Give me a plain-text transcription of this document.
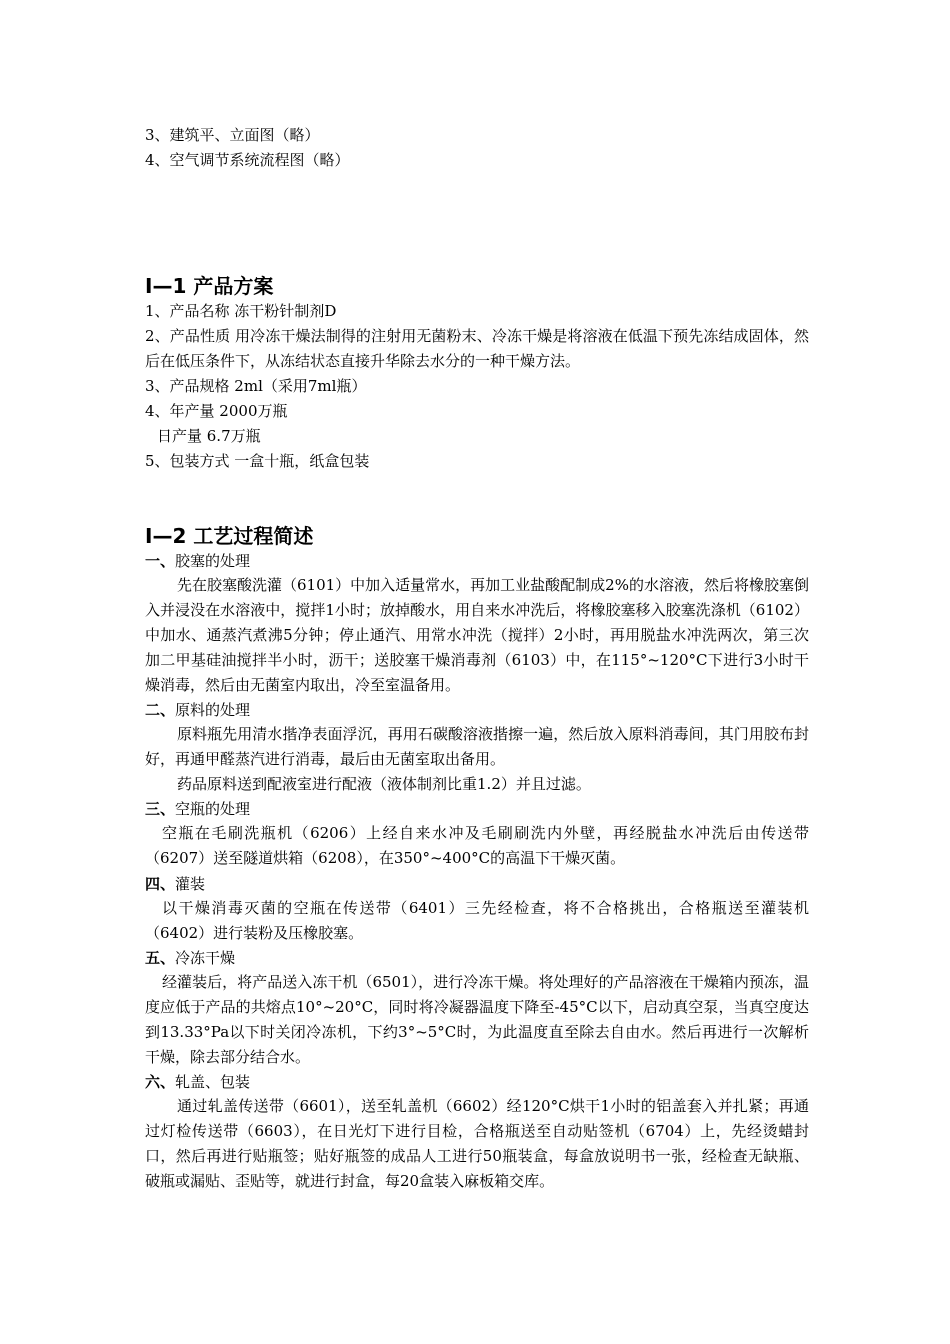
3、建筑平、立面图（略）
4、空气调节系统流程图（略）
Ⅰ—1 产品方案
1、产品名称 冻干粉针制剂D
2、产品性质 用冷冻干燥法制得的注射用无菌粉末、冷冻干燥是将溶液在低温下预先冻结成固体，然后在低压条件下，从冻结状态直接升华除去水分的一种干燥方法。
3、产品规格 2ml（采用7ml瓶）
4、年产量 2000万瓶
日产量 6.7万瓶
5、包装方式 一盒十瓶，纸盒包装
Ⅰ—2 工艺过程简述
一、胶塞的处理
先在胶塞酸洗灌（6101）中加入适量常水，再加工业盐酸配制成2%的水溶液，然后将橡胶塞倒入并浸没在水溶液中，搅拌1小时；放掉酸水，用自来水冲洗后，将橡胶塞移入胶塞洗涤机（6102）中加水、通蒸汽煮沸5分钟；停止通汽、用常水冲洗（搅拌）2小时，再用脱盐水冲洗两次，第三次加二甲基硅油搅拌半小时，沥干；送胶塞干燥消毒剂（6103）中，在115°~120°C下进行3小时干燥消毒，然后由无菌室内取出，冷至室温备用。
二、原料的处理
原料瓶先用清水揩净表面浮沉，再用石碳酸溶液揩擦一遍，然后放入原料消毒间，其门用胶布封好，再通甲醛蒸汽进行消毒，最后由无菌室取出备用。
药品原料送到配液室进行配液（液体制剂比重1.2）并且过滤。
三、空瓶的处理
空瓶在毛刷洗瓶机（6206）上经自来水冲及毛刷刷洗内外壁，再经脱盐水冲洗后由传送带（6207）送至隧道烘箱（6208），在350°~400°C的高温下干燥灭菌。
四、灌装
以干燥消毒灭菌的空瓶在传送带（6401）三先经检查，将不合格挑出，合格瓶送至灌装机（6402）进行装粉及压橡胶塞。
五、冷冻干燥
经灌装后，将产品送入冻干机（6501），进行冷冻干燥。将处理好的产品溶液在干燥箱内预冻，温度应低于产品的共熔点10°~20°C，同时将冷凝器温度下降至-45°C以下，启动真空泵，当真空度达到13.33°Pa以下时关闭冷冻机，下约3°~5°C时，为此温度直至除去自由水。然后再进行一次解析干燥，除去部分结合水。
六、轧盖、包装
通过轧盖传送带（6601），送至轧盖机（6602）经120°C烘干1小时的铝盖套入并扎紧；再通过灯检传送带（6603），在日光灯下进行目检，合格瓶送至自动贴签机（6704）上，先经烫蜡封口，然后再进行贴瓶签；贴好瓶签的成品人工进行50瓶装盒，每盒放说明书一张，经检查无缺瓶、破瓶或漏贴、歪贴等，就进行封盒，每20盒装入麻板箱交库。
